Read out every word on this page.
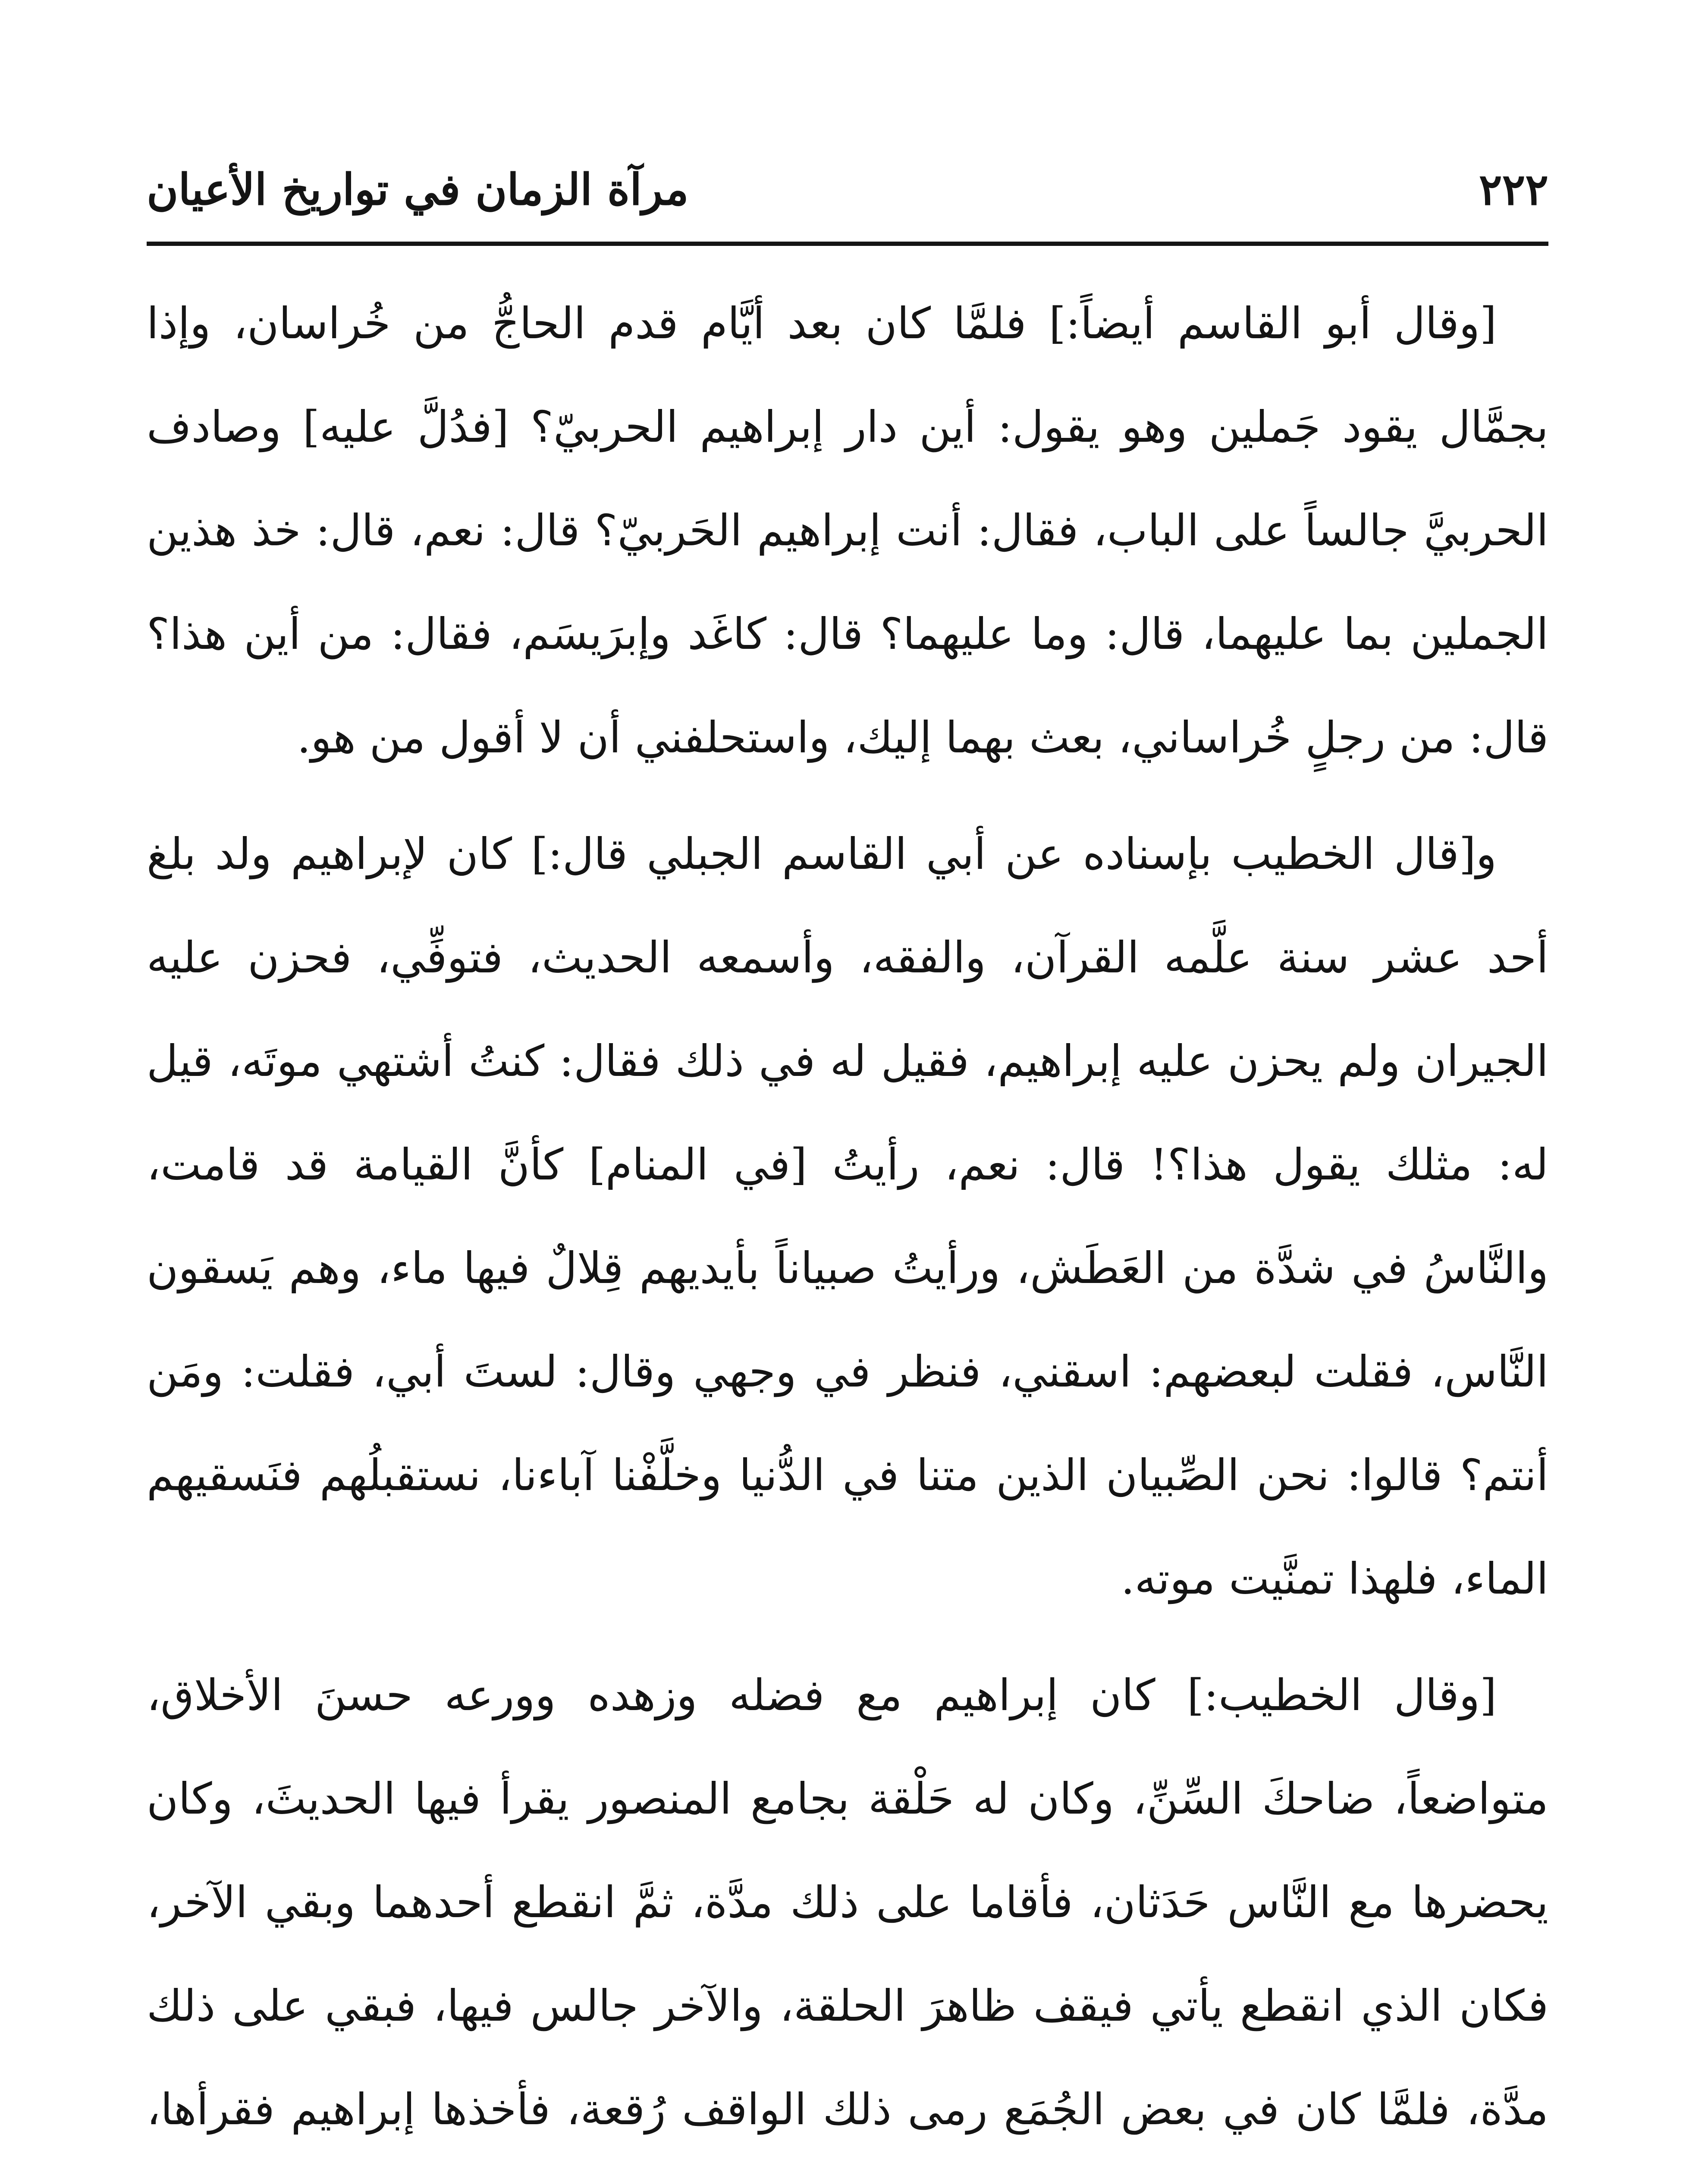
٢٢٢
مرآة الزمان في تواريخ الأعيان

[وقال أبو القاسم أيضاً:] فلمَّا كان بعد أيَّام قدم الحاجُّ من خُراسان، وإذا بجمَّال يقود جَملين وهو يقول: أين دار إبراهيم الحربيّ؟ [فدُلَّ عليه] وصادف الحربيَّ جالساً على الباب، فقال: أنت إبراهيم الحَربيّ؟ قال: نعم، قال: خذ هذين الجملين بما عليهما، قال: وما عليهما؟ قال: كاغَد وإبرَيسَم، فقال: من أين هذا؟ قال: من رجلٍ خُراساني، بعث بهما إليك، واستحلفني أن لا أقول من هو.

و[قال الخطيب بإسناده عن أبي القاسم الجبلي قال:] كان لإبراهيم ولد بلغ أحد عشر سنة علَّمه القرآن، والفقه، وأسمعه الحديث، فتوفِّي، فحزن عليه الجيران ولم يحزن عليه إبراهيم، فقيل له في ذلك فقال: كنتُ أشتهي موتَه، قيل له: مثلك يقول هذا؟! قال: نعم، رأيتُ [في المنام] كأنَّ القيامة قد قامت، والنَّاسُ في شدَّة من العَطَش، ورأيتُ صبياناً بأيديهم قِلالٌ فيها ماء، وهم يَسقون النَّاس، فقلت لبعضهم: اسقني، فنظر في وجهي وقال: لستَ أبي، فقلت: ومَن أنتم؟ قالوا: نحن الصِّبيان الذين متنا في الدُّنيا وخلَّفْنا آباءنا، نستقبلُهم فنَسقيهم الماء، فلهذا تمنَّيت موته.

[وقال الخطيب:] كان إبراهيم مع فضله وزهده وورعه حسنَ الأخلاق، متواضعاً، ضاحكَ السِّنِّ، وكان له حَلْقة بجامع المنصور يقرأ فيها الحديثَ، وكان يحضرها مع النَّاس حَدَثان، فأقاما على ذلك مدَّة، ثمَّ انقطع أحدهما وبقي الآخر، فكان الذي انقطع يأتي فيقف ظاهرَ الحلقة، والآخر جالس فيها، فبقي على ذلك مدَّة، فلمَّا كان في بعض الجُمَع رمى ذلك الواقف رُقعة، فأخذها إبراهيم فقرأها،
